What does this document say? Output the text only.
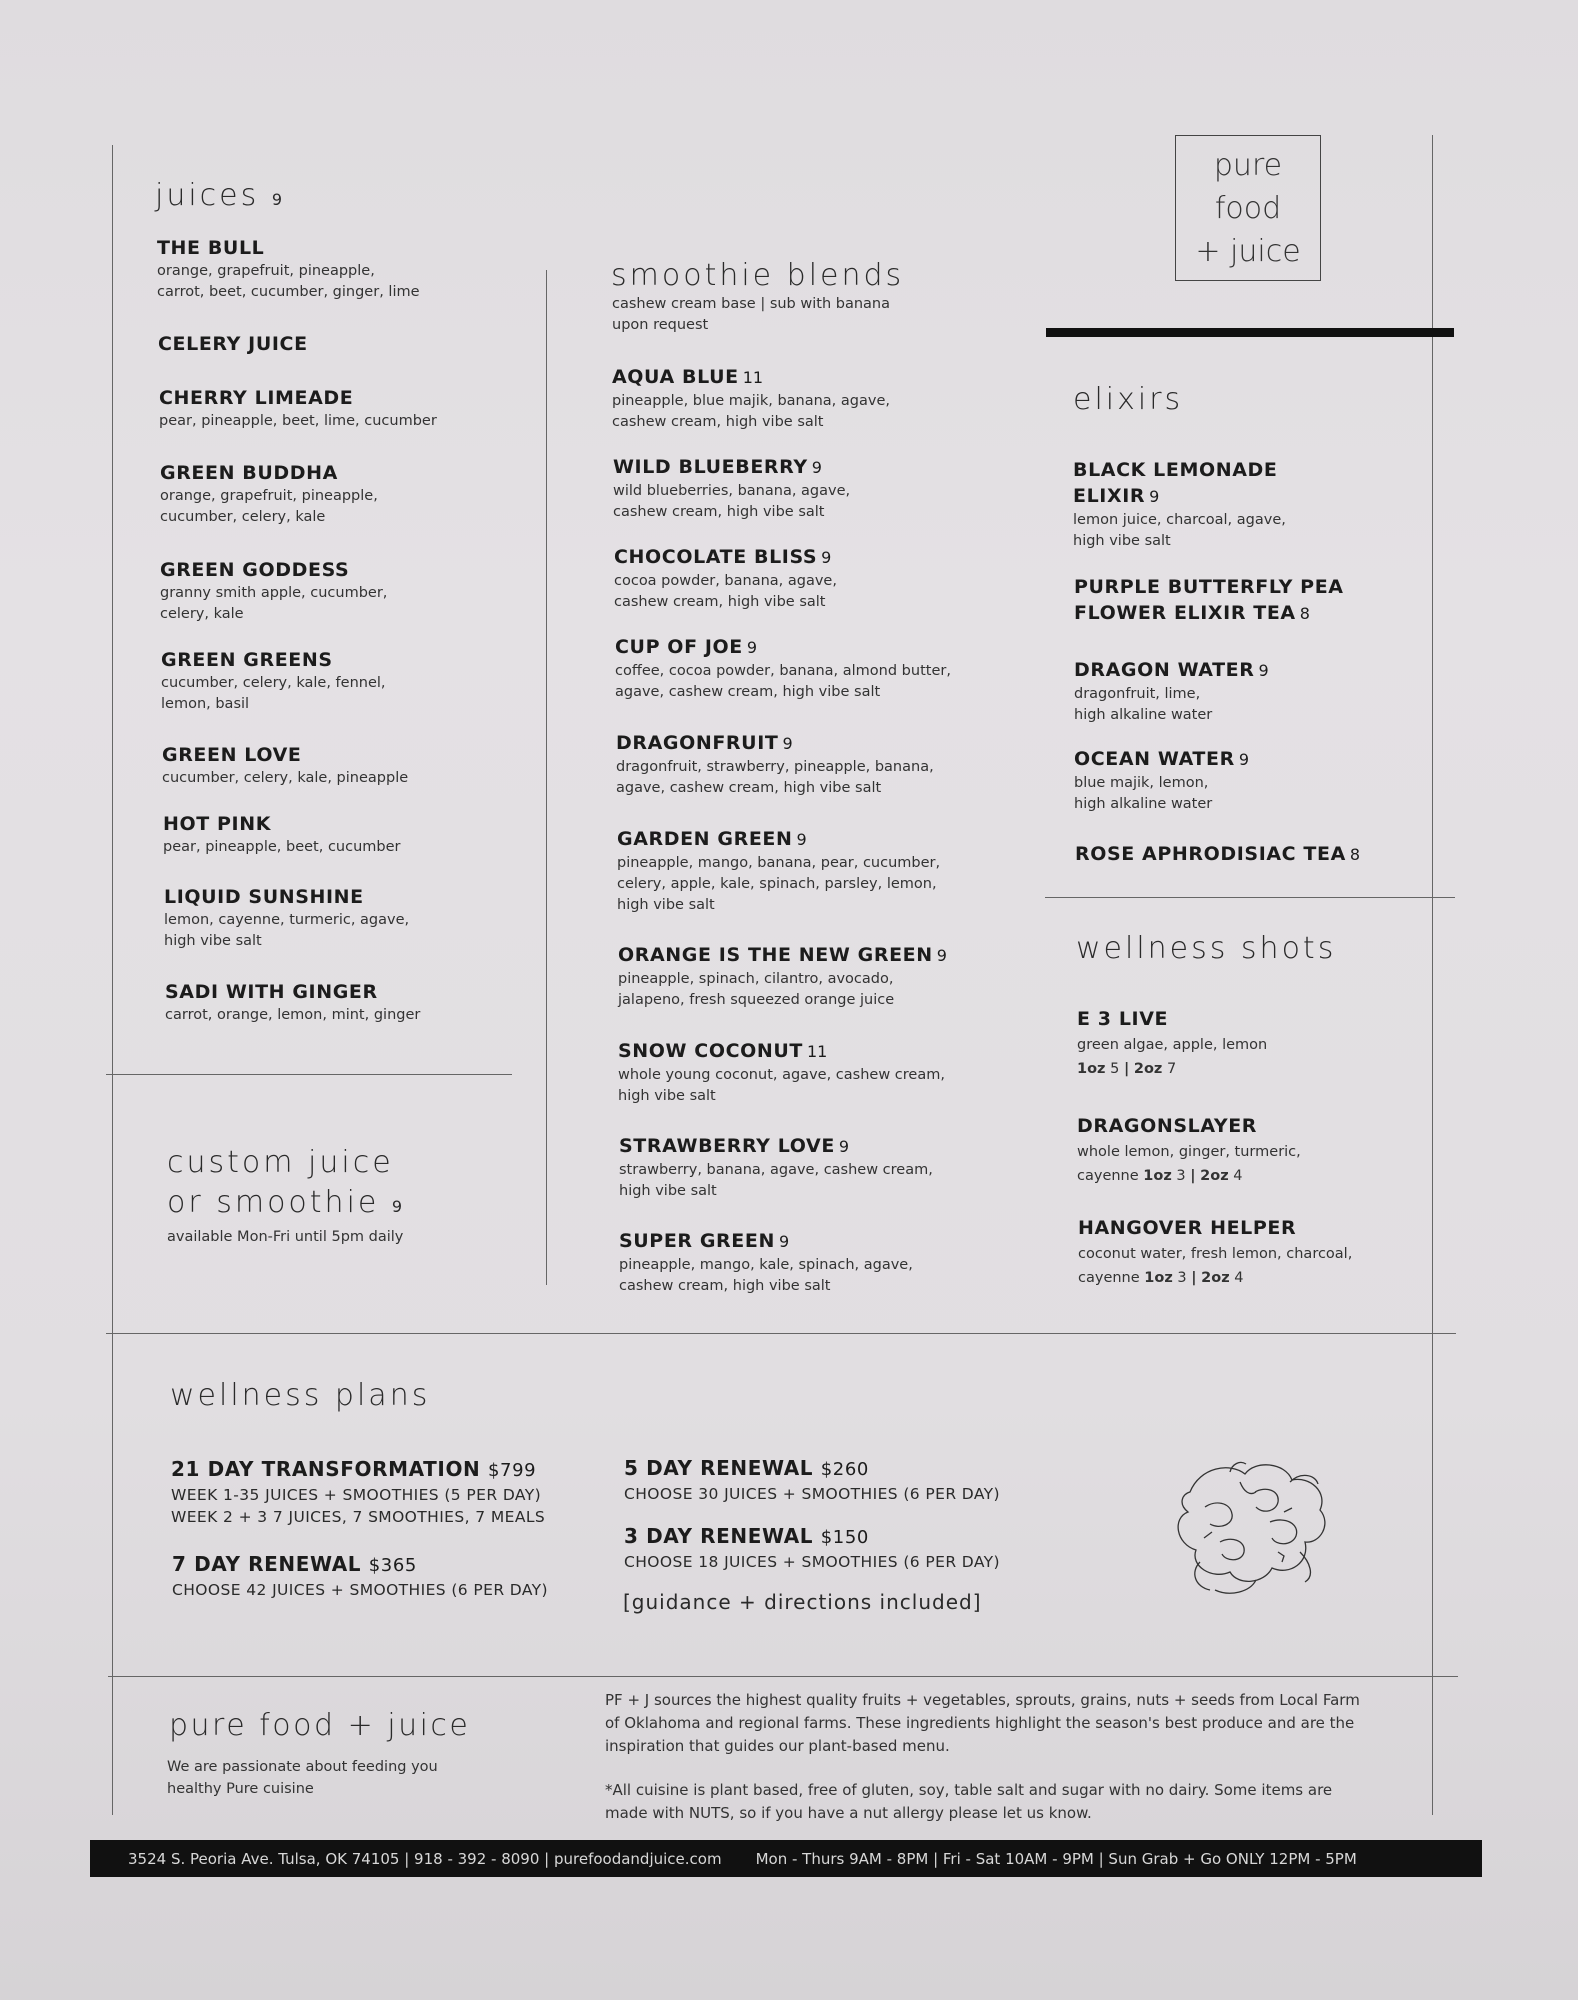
pure
food
+ juice
juices 9
THE BULL
orange, grapefruit, pineapple,
carrot, beet, cucumber, ginger, lime
CELERY JUICE
CHERRY LIMEADE
pear, pineapple, beet, lime, cucumber
GREEN BUDDHA
orange, grapefruit, pineapple,
cucumber, celery, kale
GREEN GODDESS
granny smith apple, cucumber,
celery, kale
GREEN GREENS
cucumber, celery, kale, fennel,
lemon, basil
GREEN LOVE
cucumber, celery, kale, pineapple
HOT PINK
pear, pineapple, beet, cucumber
LIQUID SUNSHINE
lemon, cayenne, turmeric, agave,
high vibe salt
SADI WITH GINGER
carrot, orange, lemon, mint, ginger
custom juice
or smoothie 9
available Mon-Fri until 5pm daily
smoothie blends
cashew cream base | sub with banana
upon request
AQUA BLUE 11
pineapple, blue majik, banana, agave,
cashew cream, high vibe salt
WILD BLUEBERRY 9
wild blueberries, banana, agave,
cashew cream, high vibe salt
CHOCOLATE BLISS 9
cocoa powder, banana, agave,
cashew cream, high vibe salt
CUP OF JOE 9
coffee, cocoa powder, banana, almond butter,
agave, cashew cream, high vibe salt
DRAGONFRUIT 9
dragonfruit, strawberry, pineapple, banana,
agave, cashew cream, high vibe salt
GARDEN GREEN 9
pineapple, mango, banana, pear, cucumber,
celery, apple, kale, spinach, parsley, lemon,
high vibe salt
ORANGE IS THE NEW GREEN 9
pineapple, spinach, cilantro, avocado,
jalapeno, fresh squeezed orange juice
SNOW COCONUT 11
whole young coconut, agave, cashew cream,
high vibe salt
STRAWBERRY LOVE 9
strawberry, banana, agave, cashew cream,
high vibe salt
SUPER GREEN 9
pineapple, mango, kale, spinach, agave,
cashew cream, high vibe salt
elixirs
BLACK LEMONADE
ELIXIR 9
lemon juice, charcoal, agave,
high vibe salt
PURPLE BUTTERFLY PEA
FLOWER ELIXIR TEA 8
DRAGON WATER 9
dragonfruit, lime,
high alkaline water
OCEAN WATER 9
blue majik, lemon,
high alkaline water
ROSE APHRODISIAC TEA 8
wellness shots
E 3 LIVE
green algae, apple, lemon
1oz 5 | 2oz 7
DRAGONSLAYER
whole lemon, ginger, turmeric,
cayenne 1oz 3 | 2oz 4
HANGOVER HELPER
coconut water, fresh lemon, charcoal,
cayenne 1oz 3 | 2oz 4
wellness plans
21 DAY TRANSFORMATION $799
WEEK 1-35 JUICES + SMOOTHIES (5 PER DAY)
WEEK 2 + 3 7 JUICES, 7 SMOOTHIES, 7 MEALS
7 DAY RENEWAL $365
CHOOSE 42 JUICES + SMOOTHIES (6 PER DAY)
5 DAY RENEWAL $260
CHOOSE 30 JUICES + SMOOTHIES (6 PER DAY)
3 DAY RENEWAL $150
CHOOSE 18 JUICES + SMOOTHIES (6 PER DAY)
[guidance + directions included]
pure food + juice
We are passionate about feeding you
healthy Pure cuisine
PF + J sources the highest quality fruits + vegetables, sprouts, grains, nuts + seeds from Local Farm
of Oklahoma and regional farms. These ingredients highlight the season's best produce and are the
inspiration that guides our plant-based menu.
*All cuisine is plant based, free of gluten, soy, table salt and sugar with no dairy. Some items are
made with NUTS, so if you have a nut allergy please let us know.
3524 S. Peoria Ave. Tulsa, OK 74105 | 918 - 392 - 8090 | purefoodandjuice.com Mon - Thurs 9AM - 8PM | Fri - Sat 10AM - 9PM | Sun Grab + Go ONLY 12PM - 5PM
